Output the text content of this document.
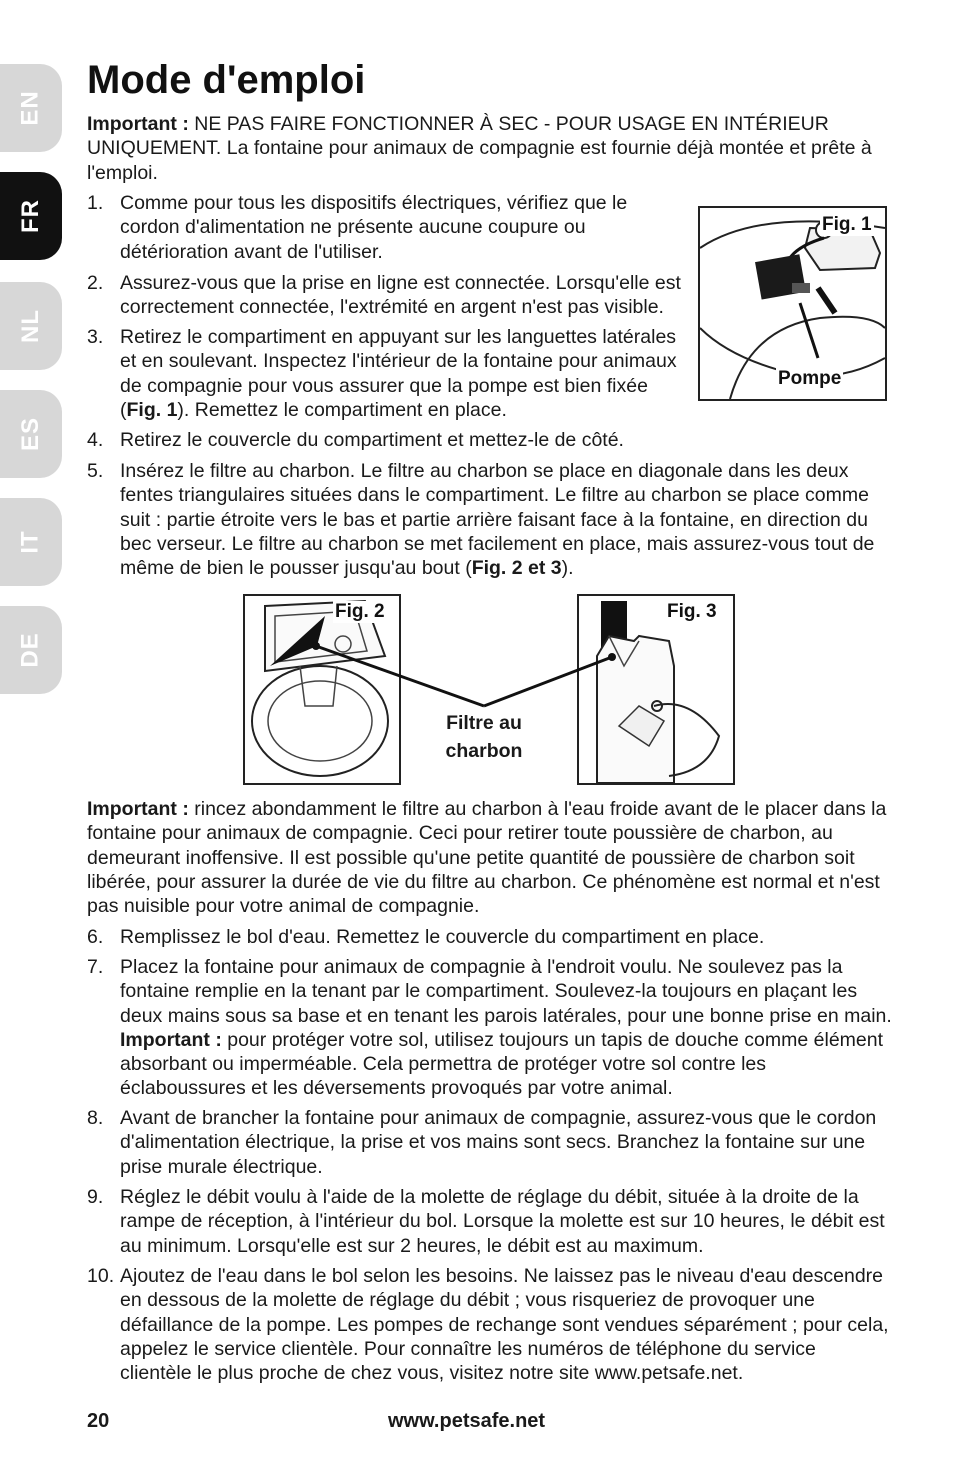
EN
FR
NL
ES
IT
DE
Mode d'emploi

Important : NE PAS FAIRE FONCTIONNER À SEC - POUR USAGE EN INTÉRIEUR UNIQUEMENT. La fontaine pour animaux de compagnie est fournie déjà montée et prête à l'emploi.

1. Comme pour tous les dispositifs électriques, vérifiez que le cordon d'alimentation ne présente aucune coupure ou détérioration avant de l'utiliser.
2. Assurez-vous que la prise en ligne est connectée. Lorsqu'elle est correctement connectée, l'extrémité en argent n'est pas visible.
3. Retirez le compartiment en appuyant sur les languettes latérales et en soulevant. Inspectez l'intérieur de la fontaine pour animaux de compagnie pour vous assurer que la pompe est bien fixée (Fig. 1). Remettez le compartiment en place.
4. Retirez le couvercle du compartiment et mettez-le de côté.
5. Insérez le filtre au charbon. Le filtre au charbon se place en diagonale dans les deux fentes triangulaires situées dans le compartiment. Le filtre au charbon se place comme suit : partie étroite vers le bas et partie arrière faisant face à la fontaine, en direction du bec verseur. Le filtre au charbon se met facilement en place, mais assurez-vous tout de même de bien le pousser jusqu'au bout (Fig. 2 et 3).
Fig. 1
Pompe
Fig. 2	Fig. 3
Filtre au
charbon

Important : rincez abondamment le filtre au charbon à l'eau froide avant de le placer dans la fontaine pour animaux de compagnie. Ceci pour retirer toute poussière de charbon, au demeurant inoffensive. Il est possible qu'une petite quantité de poussière de charbon soit libérée, pour assurer la durée de vie du filtre au charbon. Ce phénomène est normal et n'est pas nuisible pour votre animal de compagnie.

6. Remplissez le bol d'eau. Remettez le couvercle du compartiment en place.
7. Placez la fontaine pour animaux de compagnie à l'endroit voulu. Ne soulevez pas la fontaine remplie en la tenant par le compartiment. Soulevez-la toujours en plaçant les deux mains sous sa base et en tenant les parois latérales, pour une bonne prise en main. Important : pour protéger votre sol, utilisez toujours un tapis de douche comme élément absorbant ou imperméable. Cela permettra de protéger votre sol contre les éclaboussures et les déversements provoqués par votre animal.
8. Avant de brancher la fontaine pour animaux de compagnie, assurez-vous que le cordon d'alimentation électrique, la prise et vos mains sont secs. Branchez la fontaine sur une prise murale électrique.
9. Réglez le débit voulu à l'aide de la molette de réglage du débit, située à la droite de la rampe de réception, à l'intérieur du bol. Lorsque la molette est sur 10 heures, le débit est au minimum. Lorsqu'elle est sur 2 heures, le débit est au maximum.
10. Ajoutez de l'eau dans le bol selon les besoins. Ne laissez pas le niveau d'eau descendre en dessous de la molette de réglage du débit ; vous risqueriez de provoquer une défaillance de la pompe. Les pompes de rechange sont vendues séparément ; pour cela, appelez le service clientèle. Pour connaître les numéros de téléphone du service clientèle le plus proche de chez vous, visitez notre site www.petsafe.net.
20	www.petsafe.net
